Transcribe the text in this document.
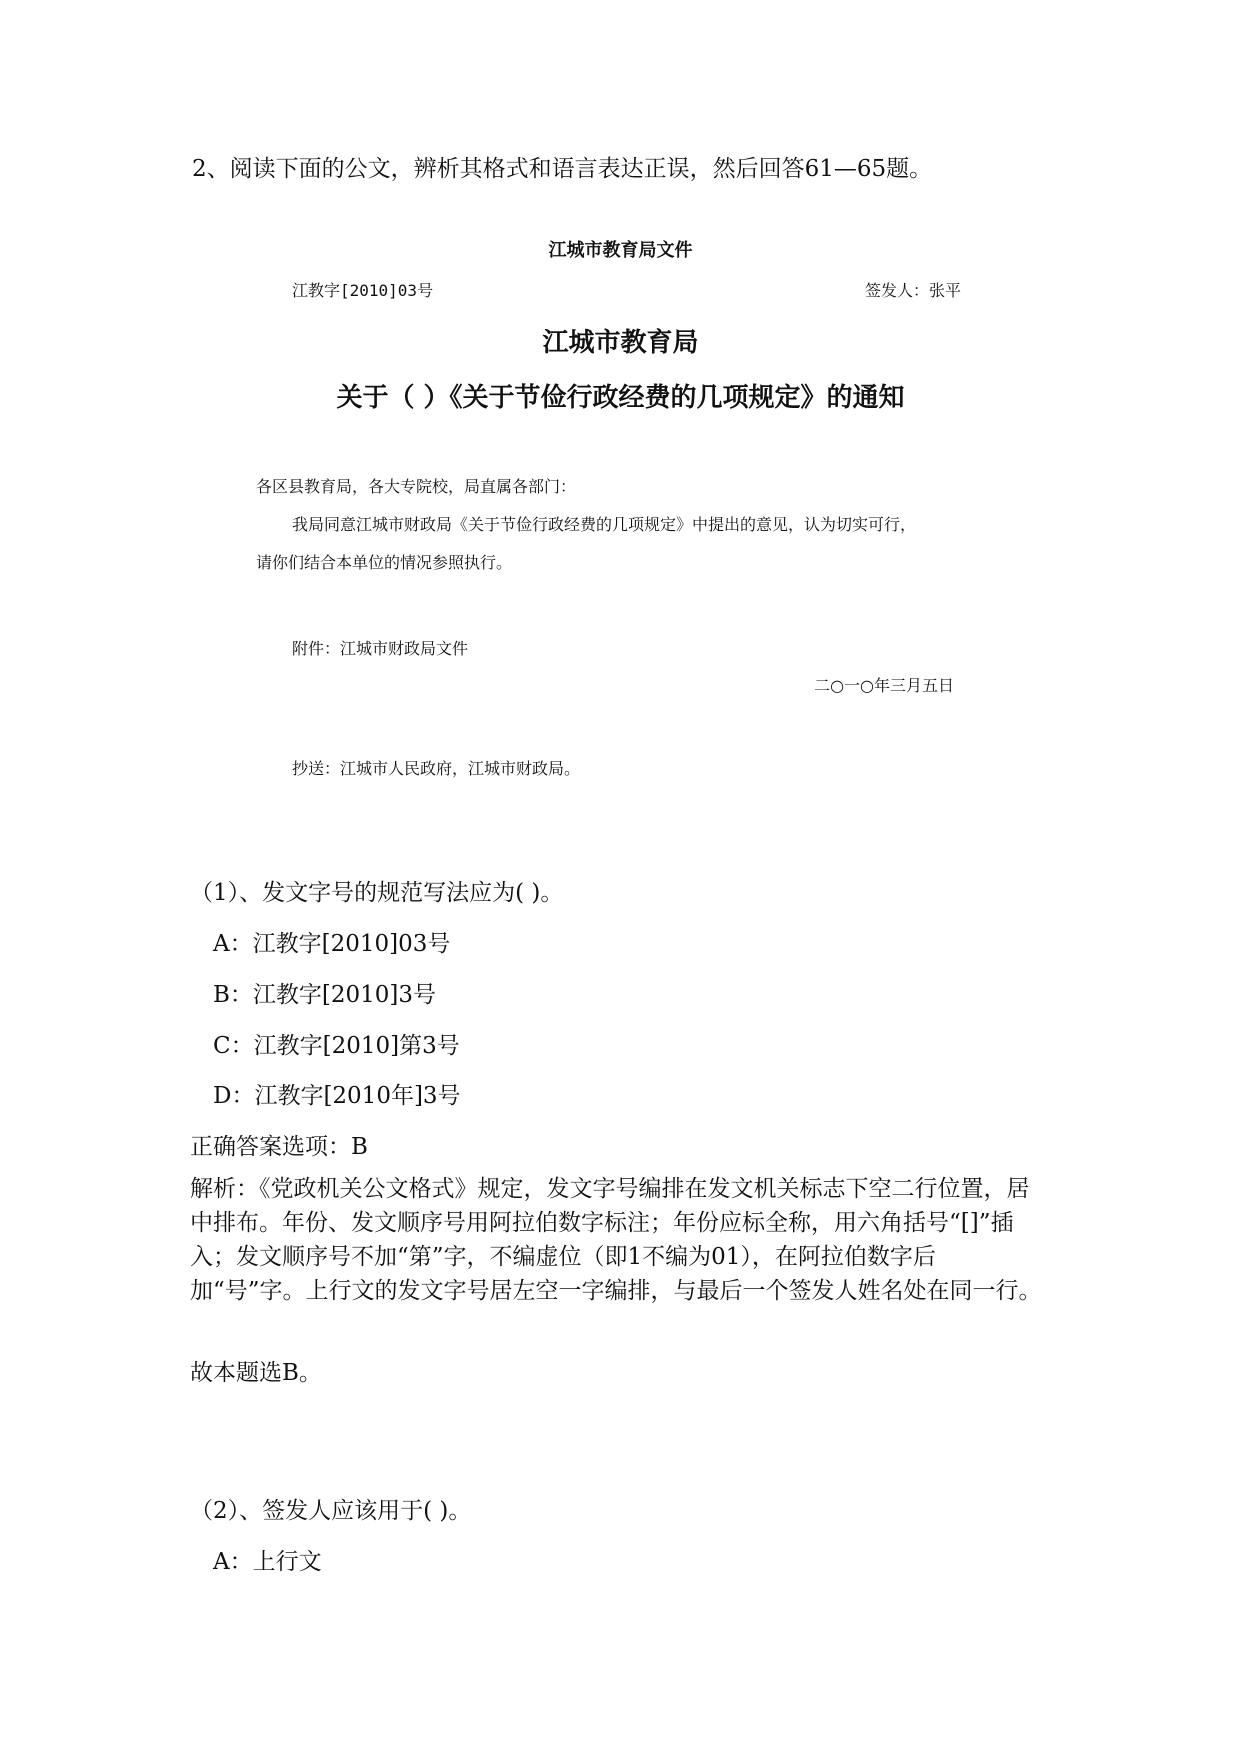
2、阅读下面的公文，辨析其格式和语言表达正误，然后回答61—65题。
江城市教育局文件
江教字[2010]03号	签发人：张平
江城市教育局
关于（ ）《关于节俭行政经费的几项规定》的通知
各区县教育局，各大专院校，局直属各部门：
我局同意江城市财政局《关于节俭行政经费的几项规定》中提出的意见，认为切实可行，
请你们结合本单位的情况参照执行。
附件：江城市财政局文件
二○一○年三月五日
抄送：江城市人民政府，江城市财政局。
（1）、发文字号的规范写法应为( )。
A：江教字[2010]03号
B：江教字[2010]3号
C：江教字[2010]第3号
D：江教字[2010年]3号
正确答案选项：B
解析：《党政机关公文格式》规定，发文字号编排在发文机关标志下空二行位置，居中排布。年份、发文顺序号用阿拉伯数字标注；年份应标全称，用六角括号“[]”插入；发文顺序号不加“第”字，不编虚位（即1不编为01），在阿拉伯数字后加“号”字。上行文的发文字号居左空一字编排，与最后一个签发人姓名处在同一行。
故本题选B。
（2）、签发人应该用于( )。
A：上行文
